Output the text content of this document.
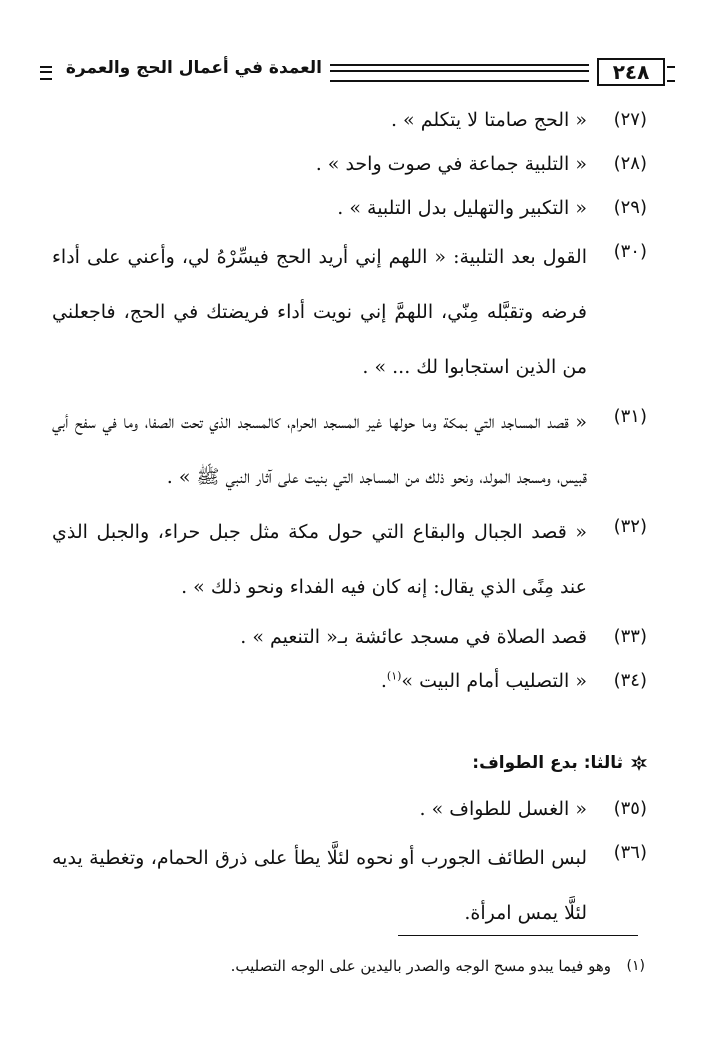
٢٤٨
العمدة في أعمال الحج والعمرة
(٢٧)
« الحج صامتا لا يتكلم » .
(٢٨)
« التلبية جماعة في صوت واحد » .
(٢٩)
« التكبير والتهليل بدل التلبية » .
(٣٠)
القول بعد التلبية: « اللهم إني أريد الحج فيسِّرْهُ لي، وأعني على أداء فرضه وتقبَّله مِنّي، اللهمَّ إني نويت أداء فريضتك في الحج، فاجعلني من الذين استجابوا لك ... » .
(٣١)
« قصد المساجد التي بمكة وما حولها غير المسجد الحرام، كالمسجد الذي تحت الصفا، وما في سفح أبي قبيس، ومسجد المولد، ونحو ذلك من المساجد التي بنيت على آثار النبي ﷺ » .
(٣٢)
« قصد الجبال والبقاع التي حول مكة مثل جبل حراء، والجبل الذي عند مِنًى الذي يقال: إنه كان فيه الفداء ونحو ذلك » .
(٣٣)
قصد الصلاة في مسجد عائشة بـ« التنعيم » .
(٣٤)
« التصليب أمام البيت »$^{(١)}$.
ثالثا: بدع الطواف:
(٣٥)
« الغسل للطواف » .
(٣٦)
لبس الطائف الجورب أو نحوه لئلَّا يطأ على ذرق الحمام، وتغطية يديه لئلَّا يمس امرأة.
(١)
وهو فيما يبدو مسح الوجه والصدر باليدين على الوجه التصليب.
